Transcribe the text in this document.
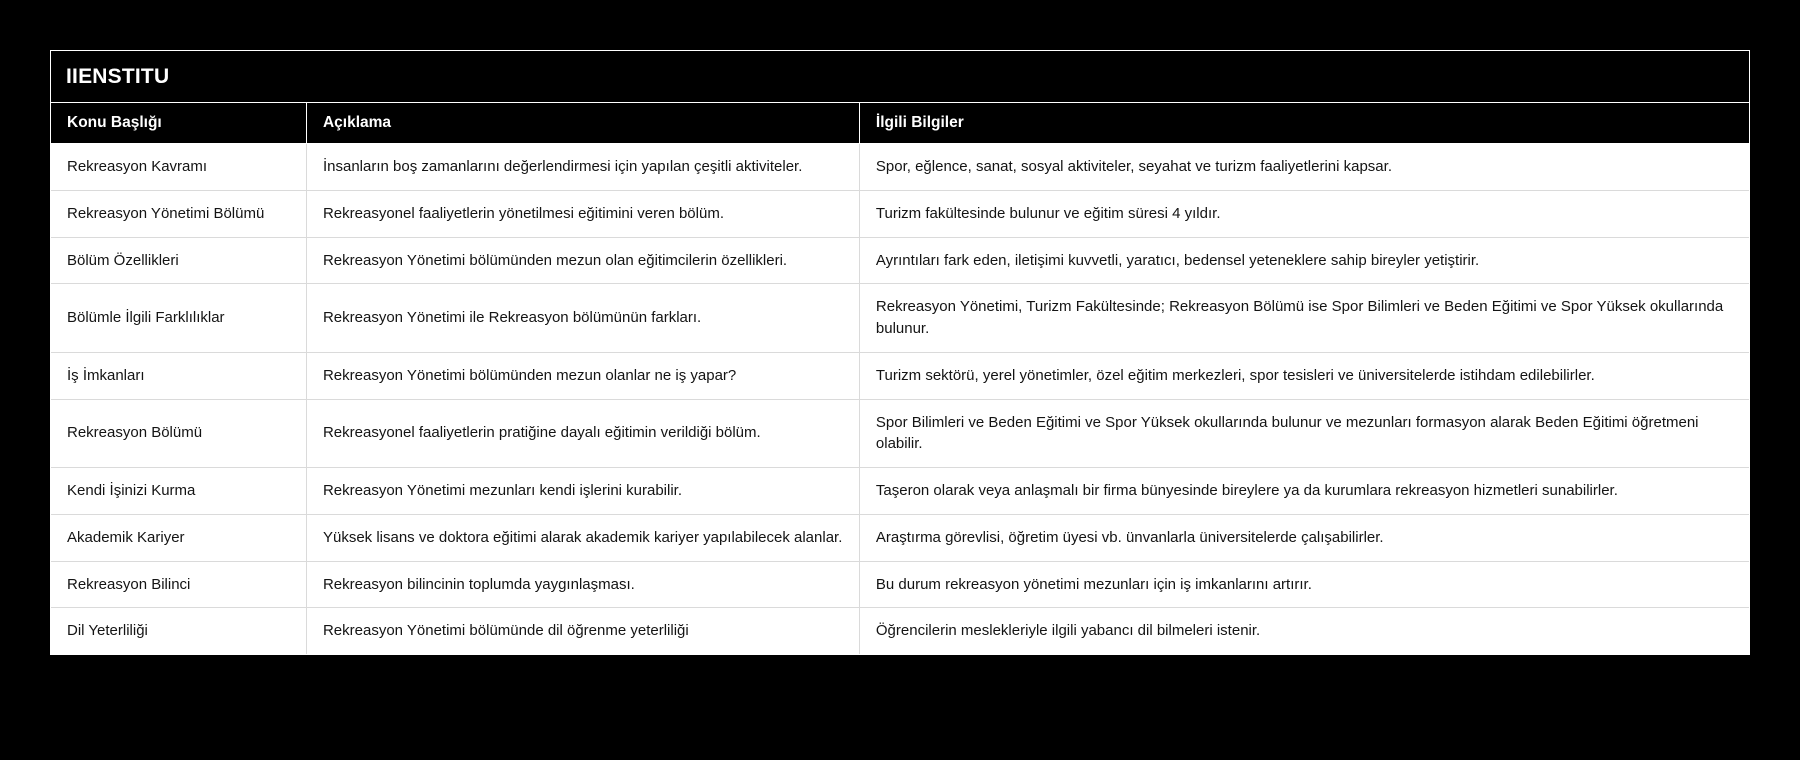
IIENSTITU
Konu Başlığı	Açıklama	İlgili Bilgiler
Rekreasyon Kavramı	İnsanların boş zamanlarını değerlendirmesi için yapılan çeşitli aktiviteler.	Spor, eğlence, sanat, sosyal aktiviteler, seyahat ve turizm faaliyetlerini kapsar.
Rekreasyon Yönetimi Bölümü	Rekreasyonel faaliyetlerin yönetilmesi eğitimini veren bölüm.	Turizm fakültesinde bulunur ve eğitim süresi 4 yıldır.
Bölüm Özellikleri	Rekreasyon Yönetimi bölümünden mezun olan eğitimcilerin özellikleri.	Ayrıntıları fark eden, iletişimi kuvvetli, yaratıcı, bedensel yeteneklere sahip bireyler yetiştirir.
Bölümle İlgili Farklılıklar	Rekreasyon Yönetimi ile Rekreasyon bölümünün farkları.	Rekreasyon Yönetimi, Turizm Fakültesinde; Rekreasyon Bölümü ise Spor Bilimleri ve Beden Eğitimi ve Spor Yüksek okullarında bulunur.
İş İmkanları	Rekreasyon Yönetimi bölümünden mezun olanlar ne iş yapar?	Turizm sektörü, yerel yönetimler, özel eğitim merkezleri, spor tesisleri ve üniversitelerde istihdam edilebilirler.
Rekreasyon Bölümü	Rekreasyonel faaliyetlerin pratiğine dayalı eğitimin verildiği bölüm.	Spor Bilimleri ve Beden Eğitimi ve Spor Yüksek okullarında bulunur ve mezunları formasyon alarak Beden Eğitimi öğretmeni olabilir.
Kendi İşinizi Kurma	Rekreasyon Yönetimi mezunları kendi işlerini kurabilir.	Taşeron olarak veya anlaşmalı bir firma bünyesinde bireylere ya da kurumlara rekreasyon hizmetleri sunabilirler.
Akademik Kariyer	Yüksek lisans ve doktora eğitimi alarak akademik kariyer yapılabilecek alanlar.	Araştırma görevlisi, öğretim üyesi vb. ünvanlarla üniversitelerde çalışabilirler.
Rekreasyon Bilinci	Rekreasyon bilincinin toplumda yaygınlaşması.	Bu durum rekreasyon yönetimi mezunları için iş imkanlarını artırır.
Dil Yeterliliği	Rekreasyon Yönetimi bölümünde dil öğrenme yeterliliği	Öğrencilerin meslekleriyle ilgili yabancı dil bilmeleri istenir.
